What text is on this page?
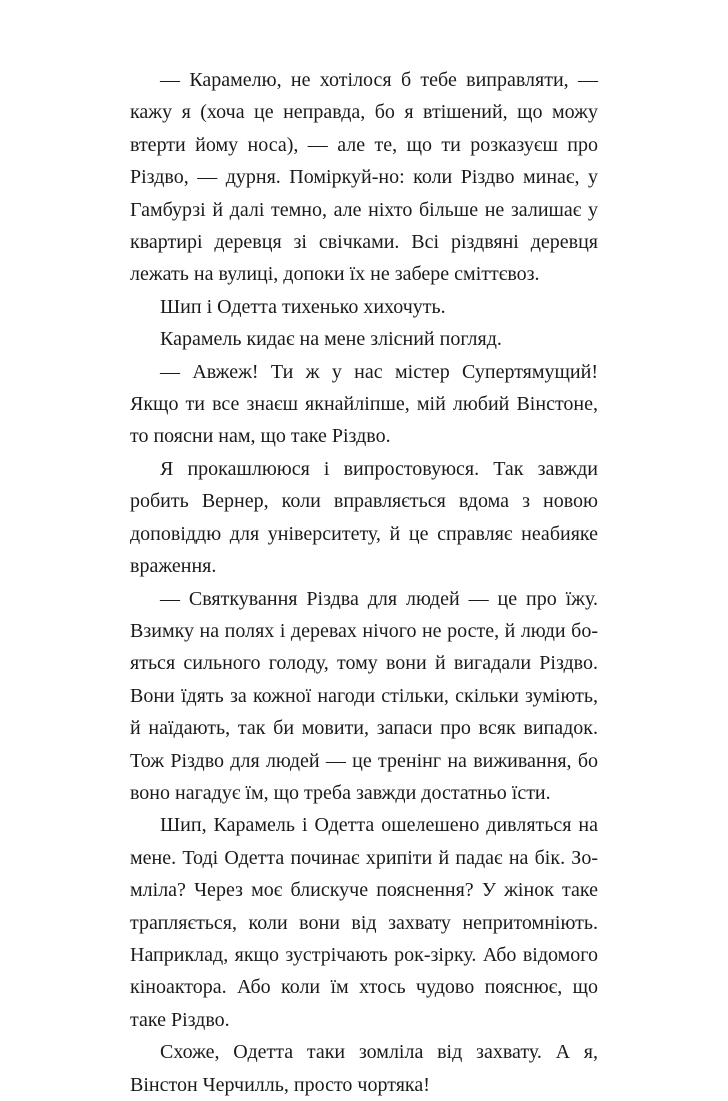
— Карамелю, не хотілося б тебе виправляти, — кажу я (хоча це неправда, бо я втішений, що можу втерти йому носа), — але те, що ти розказуєш про Різдво, — дурня. Поміркуй-но: коли Різдво минає, у Гамбурзі й далі темно, але ніхто більше не залишає у квартирі деревця зі свічками. Всі різдвяні деревця лежать на вулиці, допоки їх не забере сміттєвоз.

Шип і Одетта тихенько хихочуть.

Карамель кидає на мене злісний погляд.

— Авжеж! Ти ж у нас містер Супертямущий! Якщо ти все знаєш якнайліпше, мій любий Вінстоне, то поясни нам, що таке Різдво.

Я прокашлююся і випростовуюся. Так завжди робить Вернер, коли вправляється вдома з новою доповіддю для університету, й це справляє неабияке враження.

— Святкування Різдва для людей — це про їжу. Взимку на полях і деревах нічого не росте, й люди бояться сильного голоду, тому вони й вигадали Різдво. Вони їдять за кожної нагоди стільки, скільки зуміють, й наїдають, так би мовити, запаси про всяк випадок. Тож Різдво для людей — це тренінг на виживання, бо воно нагадує їм, що треба завжди достатньо їсти.

Шип, Карамель і Одетта ошелешено дивляться на мене. Тоді Одетта починає хрипіти й падає на бік. Зомліла? Через моє блискуче пояснення? У жінок таке трапляється, коли вони від захвату непритомніють. Наприклад, якщо зустрічають рок-зірку. Або відомого кіноактора. Або коли їм хтось чудово пояснює, що таке Різдво.

Схоже, Одетта таки зомліла від захвату. А я, Вінстон Черчилль, просто чортяка!
